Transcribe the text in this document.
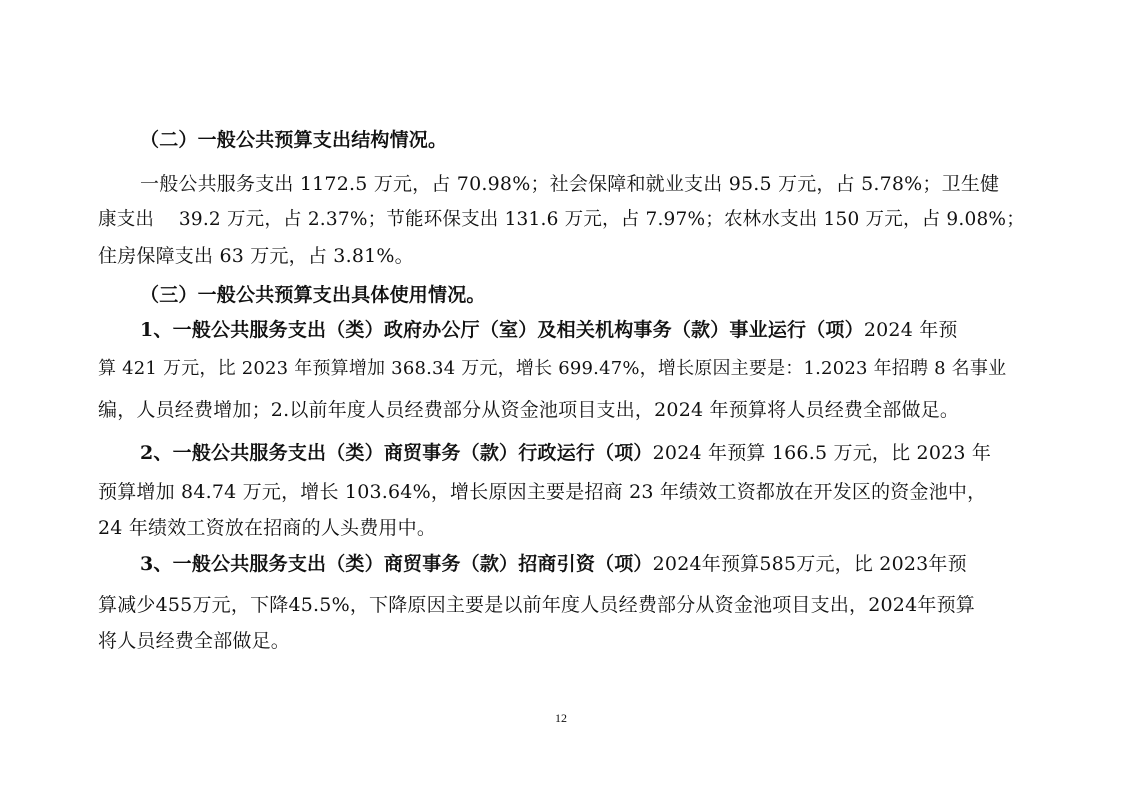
（二）一般公共预算支出结构情况。
一般公共服务支出 1172.5 万元，占 70.98%；社会保障和就业支出 95.5 万元，占 5.78%；卫生健
康支出　 39.2 万元，占 2.37%；节能环保支出 131.6 万元，占 7.97%；农林水支出 150 万元，占 9.08%；
住房保障支出 63 万元，占 3.81%。
（三）一般公共预算支出具体使用情况。
1、一般公共服务支出（类）政府办公厅（室）及相关机构事务（款）事业运行（项）2024 年预
算 421 万元，比 2023 年预算增加 368.34 万元，增长 699.47%，增长原因主要是：1.2023 年招聘 8 名事业
编，人员经费增加；2.以前年度人员经费部分从资金池项目支出，2024 年预算将人员经费全部做足。
2、一般公共服务支出（类）商贸事务（款）行政运行（项）2024 年预算 166.5 万元，比 2023 年
预算增加 84.74 万元，增长 103.64%，增长原因主要是招商 23 年绩效工资都放在开发区的资金池中，
24 年绩效工资放在招商的人头费用中。
3、一般公共服务支出（类）商贸事务（款）招商引资（项）2024年预算585万元，比 2023年预
算减少455万元，下降45.5%，下降原因主要是以前年度人员经费部分从资金池项目支出，2024年预算
将人员经费全部做足。
12
